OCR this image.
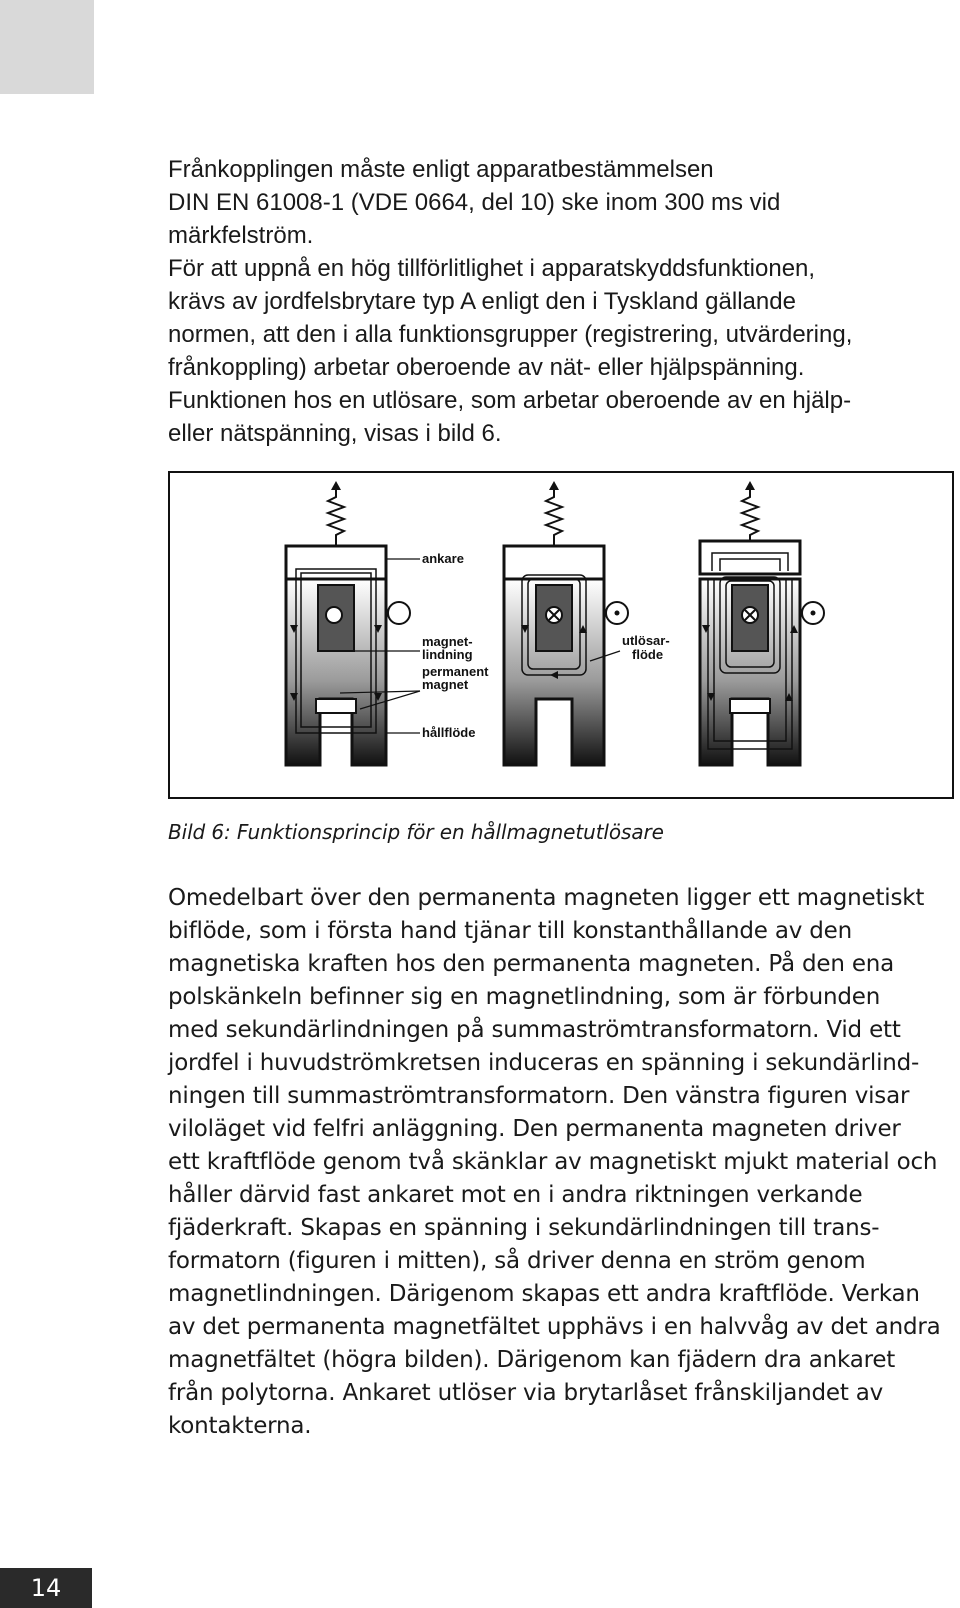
Frånkopplingen måste enligt apparatbestämmelsen
DIN EN 61008-1 (VDE 0664, del 10) ske inom 300 ms vid
märkfelström.
För att uppnå en hög tillförlitlighet i apparatskyddsfunktionen,
krävs av jordfelsbrytare typ A enligt den i Tyskland gällande
normen, att den i alla funktionsgrupper (registrering, utvärdering,
frånkoppling) arbetar oberoende av nät- eller hjälpspänning.
Funktionen hos en utlösare, som arbetar oberoende av en hjälp-
eller nätspänning, visas i bild 6.

ankare
magnet-
lindning
permanent
magnet
hållflöde
utlösar-
flöde

Bild 6: Funktionsprincip för en hållmagnetutlösare

Omedelbart över den permanenta magneten ligger ett magnetiskt
biflöde, som i första hand tjänar till konstanthållande av den
magnetiska kraften hos den permanenta magneten. På den ena
polskänkeln befinner sig en magnetlindning, som är förbunden
med sekundärlindningen på summaströmtransformatorn. Vid ett
jordfel i huvudströmkretsen induceras en spänning i sekundärlind-
ningen till summaströmtransformatorn. Den vänstra figuren visar
viloläget vid felfri anläggning. Den permanenta magneten driver
ett kraftflöde genom två skänklar av magnetiskt mjukt material och
håller därvid fast ankaret mot en i andra riktningen verkande
fjäderkraft. Skapas en spänning i sekundärlindningen till trans-
formatorn (figuren i mitten), så driver denna en ström genom
magnetlindningen. Därigenom skapas ett andra kraftflöde. Verkan
av det permanenta magnetfältet upphävs i en halvvåg av det andra
magnetfältet (högra bilden). Därigenom kan fjädern dra ankaret
från polytorna. Ankaret utlöser via brytarlåset frånskiljandet av
kontakterna.

14
